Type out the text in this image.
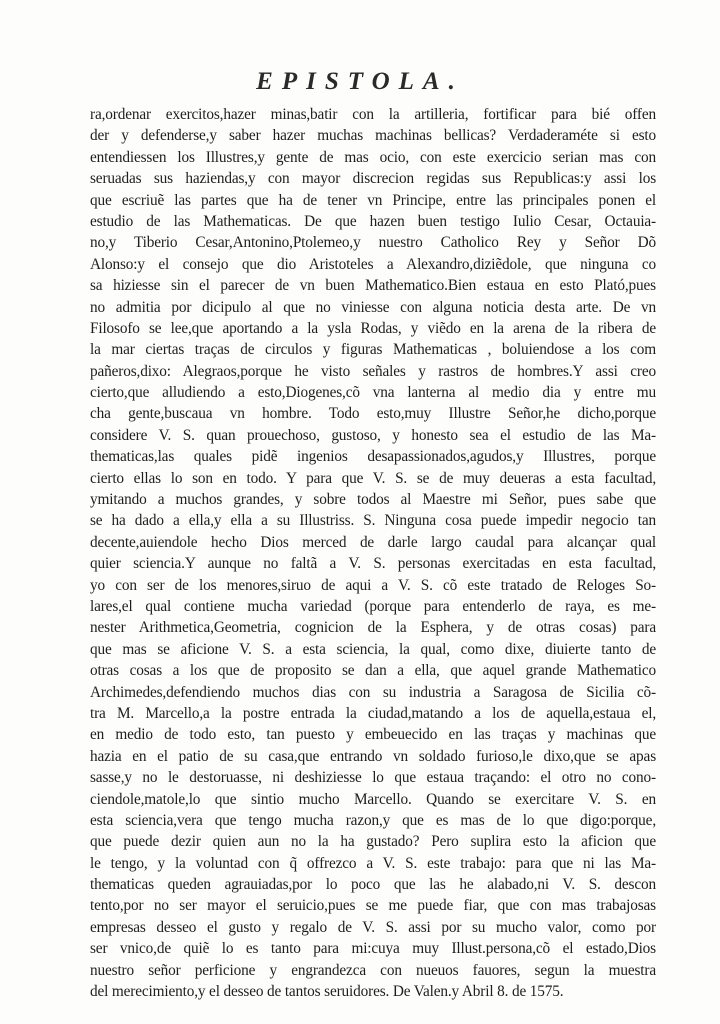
EPISTOLA.
ra,ordenar exercitos,hazer minas,batir con la artilleria, fortificar para bié offen
der y defenderse,y saber hazer muchas machinas bellicas? Verdaderaméte si esto
entendiessen los Illustres,y gente de mas ocio, con este exercicio serian mas con
seruadas sus haziendas,y con mayor discrecion regidas sus Republicas:y assi los
que escriuẽ las partes que ha de tener vn Principe, entre las principales ponen el
estudio de las Mathematicas. De que hazen buen testigo Iulio Cesar, Octauia-
no,y Tiberio Cesar,Antonino,Ptolemeo,y nuestro Catholico Rey y Señor Dõ
Alonso:y el consejo que dio Aristoteles a Alexandro,diziẽdole, que ninguna co
sa hiziesse sin el parecer de vn buen Mathematico.Bien estaua en esto Plató,pues
no admitia por dicipulo al que no viniesse con alguna noticia desta arte. De vn
Filosofo se lee,que aportando a la ysla Rodas, y viẽdo en la arena de la ribera de
la mar ciertas traças de circulos y figuras Mathematicas , boluiendose a los com
pañeros,dixo: Alegraos,porque he visto señales y rastros de hombres.Y assi creo
cierto,que alludiendo a esto,Diogenes,cõ vna lanterna al medio dia y entre mu
cha gente,buscaua vn hombre. Todo esto,muy Illustre Señor,he dicho,porque
considere V. S. quan prouechoso, gustoso, y honesto sea el estudio de las Ma-
thematicas,las quales pidẽ ingenios desapassionados,agudos,y Illustres, porque
cierto ellas lo son en todo. Y para que V. S. se de muy deueras a esta facultad,
ymitando a muchos grandes, y sobre todos al Maestre mi Señor, pues sabe que
se ha dado a ella,y ella a su Illustriss. S. Ninguna cosa puede impedir negocio tan
decente,auiendole hecho Dios merced de darle largo caudal para alcançar qual
quier sciencia.Y aunque no faltã a V. S. personas exercitadas en esta facultad,
yo con ser de los menores,siruo de aqui a V. S. cõ este tratado de Reloges So-
lares,el qual contiene mucha variedad (porque para entenderlo de raya, es me-
nester Arithmetica,Geometria, cognicion de la Esphera, y de otras cosas) para
que mas se aficione V. S. a esta sciencia, la qual, como dixe, diuierte tanto de
otras cosas a los que de proposito se dan a ella, que aquel grande Mathematico
Archimedes,defendiendo muchos dias con su industria a Saragosa de Sicilia cõ-
tra M. Marcello,a la postre entrada la ciudad,matando a los de aquella,estaua el,
en medio de todo esto, tan puesto y embeuecido en las traças y machinas que
hazia en el patio de su casa,que entrando vn soldado furioso,le dixo,que se apas
sasse,y no le destoruasse, ni deshiziesse lo que estaua traçando: el otro no cono-
ciendole,matole,lo que sintio mucho Marcello. Quando se exercitare V. S. en
esta sciencia,vera que tengo mucha razon,y que es mas de lo que digo:porque,
que puede dezir quien aun no la ha gustado? Pero suplira esto la aficion que
le tengo, y la voluntad con q̃ offrezco a V. S. este trabajo: para que ni las Ma-
thematicas queden agrauiadas,por lo poco que las he alabado,ni V. S. descon
tento,por no ser mayor el seruicio,pues se me puede fiar, que con mas trabajosas
empresas desseo el gusto y regalo de V. S. assi por su mucho valor, como por
ser vnico,de quiẽ lo es tanto para mi:cuya muy Illust.persona,cõ el estado,Dios
nuestro señor perficione y engrandezca con nueuos fauores, segun la muestra
del merecimiento,y el desseo de tantos seruidores. De Valen.y Abril 8. de 1575.
